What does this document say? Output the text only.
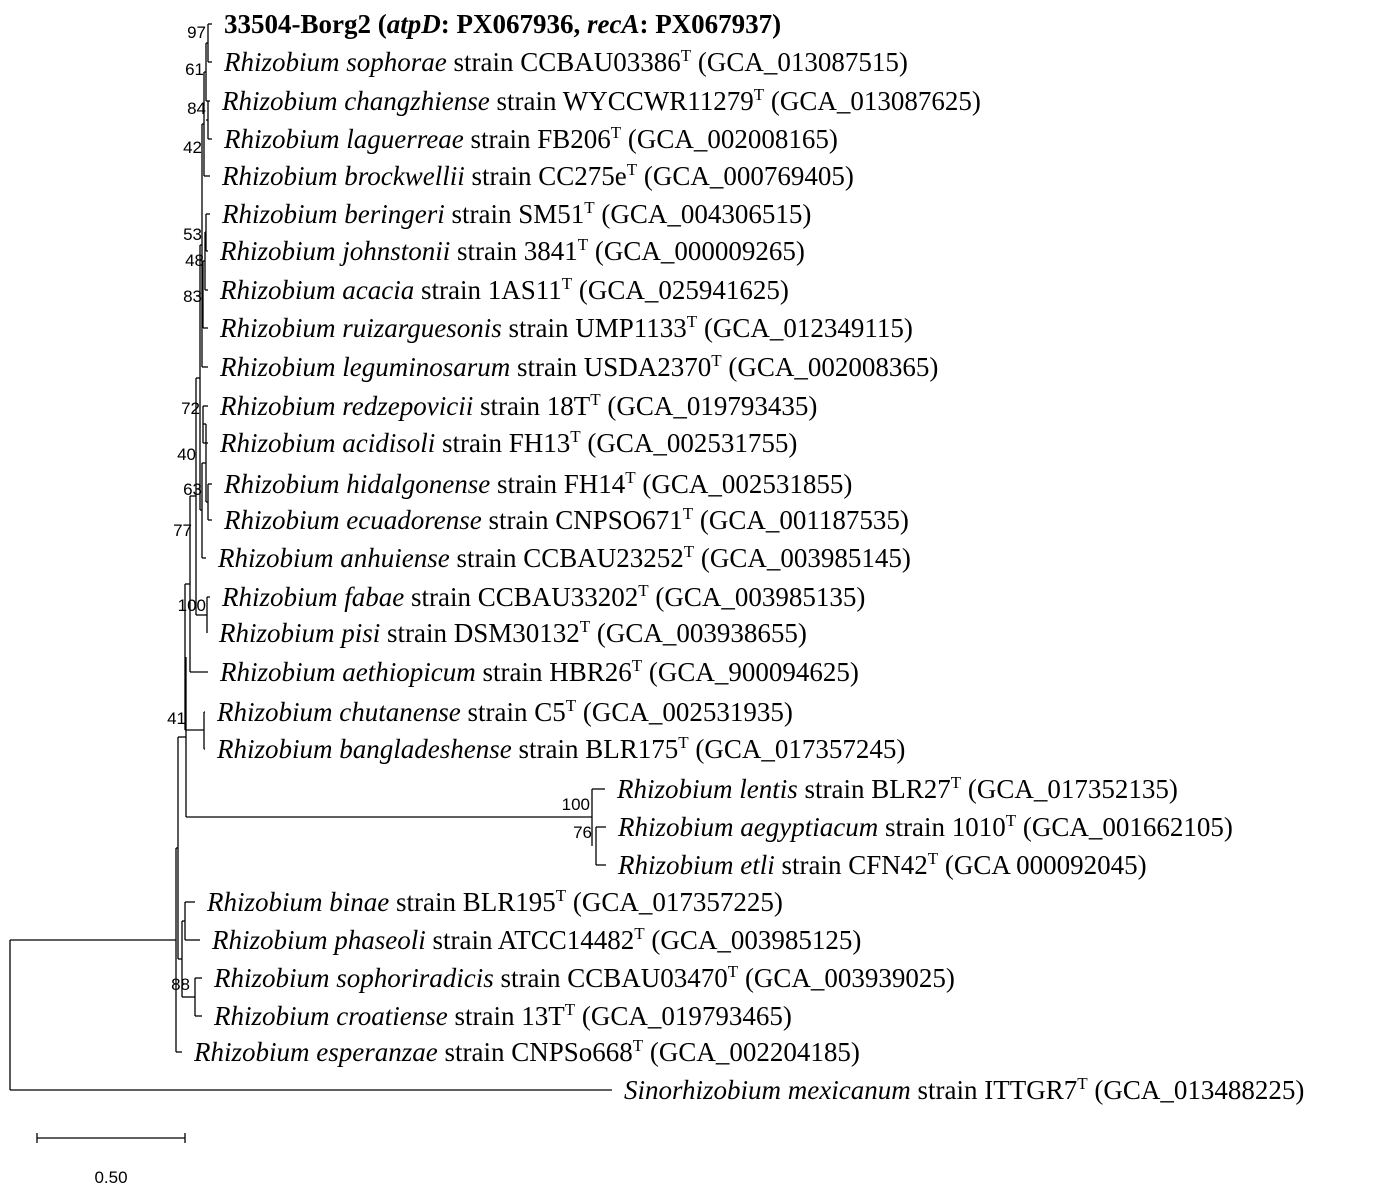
33504-Borg2 (atpD: PX067936, recA: PX067937)
Rhizobium sophorae strain $CCBAU03386^T$ (GCA_013087515)
Rhizobium changzhiense strain $WYCCWR11279^T$ (GCA_013087625)
Rhizobium laguerreae strain $FB206^T$ (GCA_002008165)
Rhizobium brockwellii strain $CC275e^T$ (GCA_000769405)
Rhizobium beringeri strain $SM51^T$ (GCA_004306515)
Rhizobium johnstonii strain $3841^T$ (GCA_000009265)
Rhizobium acacia strain $1AS11^T$ (GCA_025941625)
Rhizobium ruizarguesonis strain $UMP1133^T$ (GCA_012349115)
Rhizobium leguminosarum strain $USDA2370^T$ (GCA_002008365)
Rhizobium redzepovicii strain $18T^T$ (GCA_019793435)
Rhizobium acidisoli strain $FH13^T$ (GCA_002531755)
Rhizobium hidalgonense strain $FH14^T$ (GCA_002531855)
Rhizobium ecuadorense strain $CNPSO671^T$ (GCA_001187535)
Rhizobium anhuiense strain $CCBAU23252^T$ (GCA_003985145)
Rhizobium fabae strain $CCBAU33202^T$ (GCA_003985135)
Rhizobium pisi strain $DSM30132^T$ (GCA_003938655)
Rhizobium aethiopicum strain $HBR26^T$ (GCA_900094625)
Rhizobium chutanense strain $C5^T$ (GCA_002531935)
Rhizobium bangladeshense strain $BLR175^T$ (GCA_017357245)
Rhizobium lentis strain $BLR27^T$ (GCA_017352135)
Rhizobium aegyptiacum strain $1010^T$ (GCA_001662105)
Rhizobium etli strain $CFN42^T$ (GCA 000092045)
Rhizobium binae strain $BLR195^T$ (GCA_017357225)
Rhizobium phaseoli strain $ATCC14482^T$ (GCA_003985125)
Rhizobium sophoriradicis strain $CCBAU03470^T$ (GCA_003939025)
Rhizobium croatiense strain $13T^T$ (GCA_019793465)
Rhizobium esperanzae strain $CNPSo668^T$ (GCA_002204185)
Sinorhizobium mexicanum strain $ITTGR7^T$ (GCA_013488225)
97
61
84
42
53
48
83
72
40
63
77
100
41
100
76
88
0.50
